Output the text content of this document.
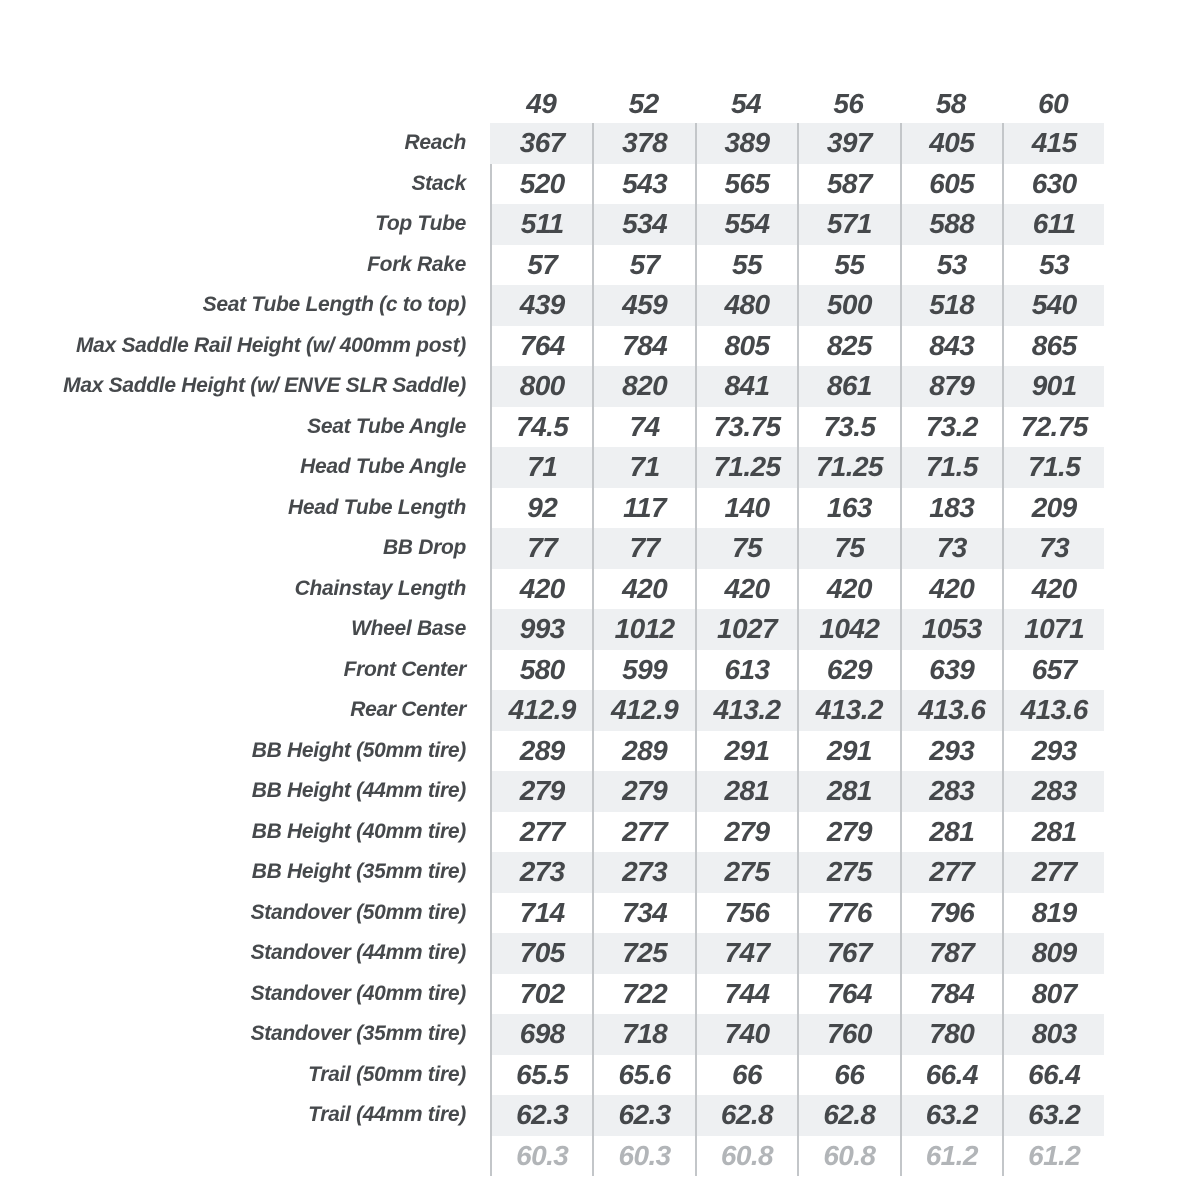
49	52	54	56	58	60
Reach	367	378	389	397	405	415
Stack	520	543	565	587	605	630
Top Tube	511	534	554	571	588	611
Fork Rake	57	57	55	55	53	53
Seat Tube Length (c to top)	439	459	480	500	518	540
Max Saddle Rail Height (w/ 400mm post)	764	784	805	825	843	865
Max Saddle Height (w/ ENVE SLR Saddle)	800	820	841	861	879	901
Seat Tube Angle	74.5	74	73.75	73.5	73.2	72.75
Head Tube Angle	71	71	71.25	71.25	71.5	71.5
Head Tube Length	92	117	140	163	183	209
BB Drop	77	77	75	75	73	73
Chainstay Length	420	420	420	420	420	420
Wheel Base	993	1012	1027	1042	1053	1071
Front Center	580	599	613	629	639	657
Rear Center	412.9	412.9	413.2	413.2	413.6	413.6
BB Height (50mm tire)	289	289	291	291	293	293
BB Height (44mm tire)	279	279	281	281	283	283
BB Height (40mm tire)	277	277	279	279	281	281
BB Height (35mm tire)	273	273	275	275	277	277
Standover (50mm tire)	714	734	756	776	796	819
Standover (44mm tire)	705	725	747	767	787	809
Standover (40mm tire)	702	722	744	764	784	807
Standover (35mm tire)	698	718	740	760	780	803
Trail (50mm tire)	65.5	65.6	66	66	66.4	66.4
Trail (44mm tire)	62.3	62.3	62.8	62.8	63.2	63.2
60.3	60.3	60.8	60.8	61.2	61.2
